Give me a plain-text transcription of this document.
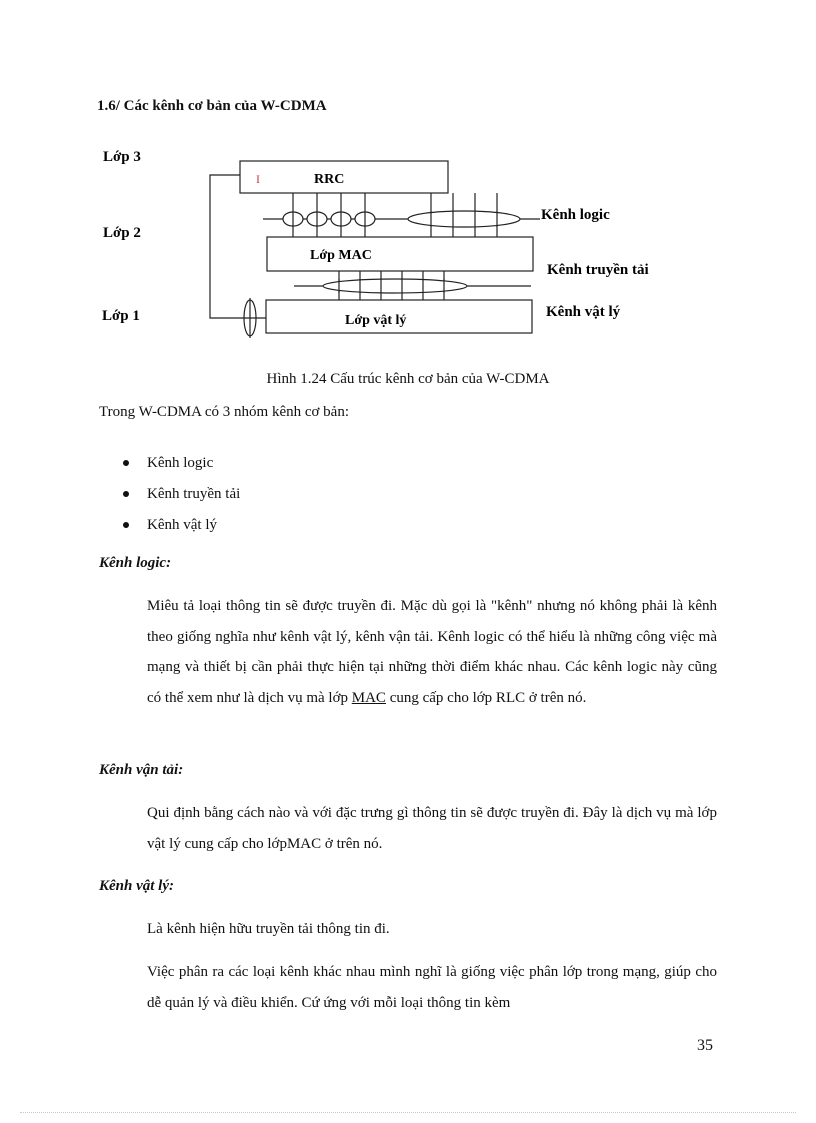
1.6/ Các kênh cơ bản của W-CDMA
Lớp 3
Lớp 2
Lớp 1
I	RRC
Lớp MAC
Lớp vật lý
Kênh logic
Kênh truyền tải
Kênh vật lý
Hình 1.24 Cấu trúc kênh cơ bản của W-CDMA
Trong W-CDMA có 3 nhóm kênh cơ bản:
Kênh logic
Kênh truyền tải
Kênh vật lý
Kênh logic:
Miêu tả loại thông tin sẽ được truyền đi. Mặc dù gọi là "kênh" nhưng nó không phải là kênh theo giống nghĩa như kênh vật lý, kênh vận tải. Kênh logic có thể hiểu là những công việc mà mạng và thiết bị cần phải thực hiện tại những thời điểm khác nhau. Các kênh logic này cũng có thể xem như là dịch vụ mà lớp MAC cung cấp cho lớp RLC ở trên nó.
Kênh vận tải:
Qui định bằng cách nào và với đặc trưng gì thông tin sẽ được truyền đi. Đây là dịch vụ mà lớp vật lý cung cấp cho lớpMAC ở trên nó.
Kênh vật lý:
Là kênh hiện hữu truyền tải thông tin đi.
Việc phân ra các loại kênh khác nhau mình nghĩ là giống việc phân lớp trong mạng, giúp cho dễ quản lý và điều khiển. Cứ ứng với mỗi loại thông tin kèm
35
